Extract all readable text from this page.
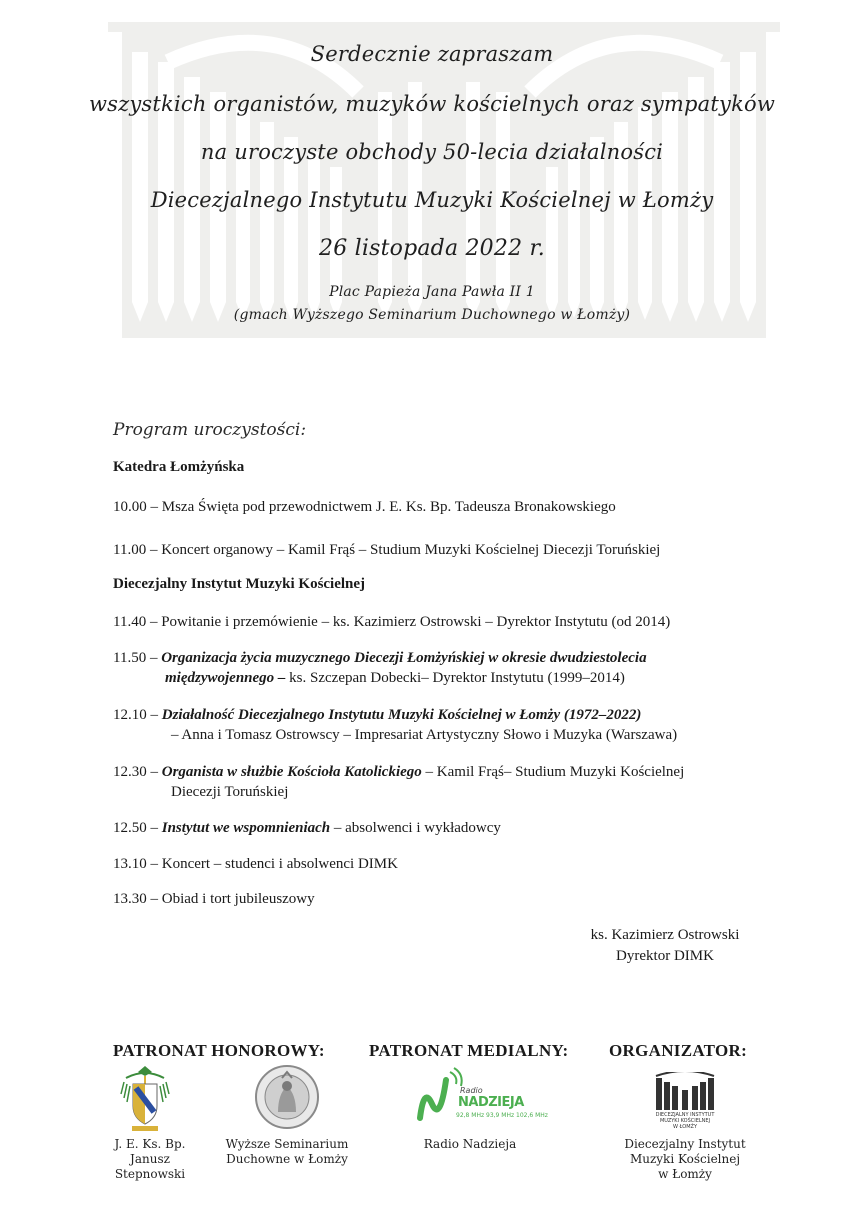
Serdecznie zapraszam
wszystkich organistów, muzyków kościelnych oraz sympatyków
na uroczyste obchody 50-lecia działalności
Diecezjalnego Instytutu Muzyki Kościelnej w Łomży
26 listopada 2022 r.
Plac Papieża Jana Pawła II 1
(gmach Wyższego Seminarium Duchownego w Łomży)
Program uroczystości:
Katedra Łomżyńska
10.00 – Msza Święta pod przewodnictwem J. E. Ks. Bp. Tadeusza Bronakowskiego
11.00 – Koncert organowy – Kamil Frąś – Studium Muzyki Kościelnej Diecezji Toruńskiej
Diecezjalny Instytut Muzyki Kościelnej
11.40 – Powitanie i przemówienie – ks. Kazimierz Ostrowski – Dyrektor Instytutu (od 2014)
11.50 – Organizacja życia muzycznego Diecezji Łomżyńskiej w okresie dwudziestolecia
międzywojennego – ks. Szczepan Dobecki– Dyrektor Instytutu (1999–2014)
12.10 – Działalność Diecezjalnego Instytutu Muzyki Kościelnej w Łomży (1972–2022)
– Anna i Tomasz Ostrowscy – Impresariat Artystyczny Słowo i Muzyka (Warszawa)
12.30 – Organista w służbie Kościoła Katolickiego – Kamil Frąś– Studium Muzyki Kościelnej
Diecezji Toruńskiej
12.50 – Instytut we wspomnieniach – absolwenci i wykładowcy
13.10 – Koncert – studenci i absolwenci DIMK
13.30 – Obiad i tort jubileuszowy
ks. Kazimierz Ostrowski
Dyrektor DIMK
PATRONAT HONOROWY:	PATRONAT MEDIALNY: ORGANIZATOR:
J. E. Ks. Bp.
Janusz Stepnowski
Wyższe Seminarium
Duchowne w Łomży
Radio
NADZIEJA
92,8 MHz 93,9 MHz 102,6 MHz
Radio Nadzieja
DIECEZJALNY INSTYTUT
MUZYKI KOŚCIELNEJ
W ŁOMŻY
Diecezjalny Instytut
Muzyki Kościelnej
w Łomży
